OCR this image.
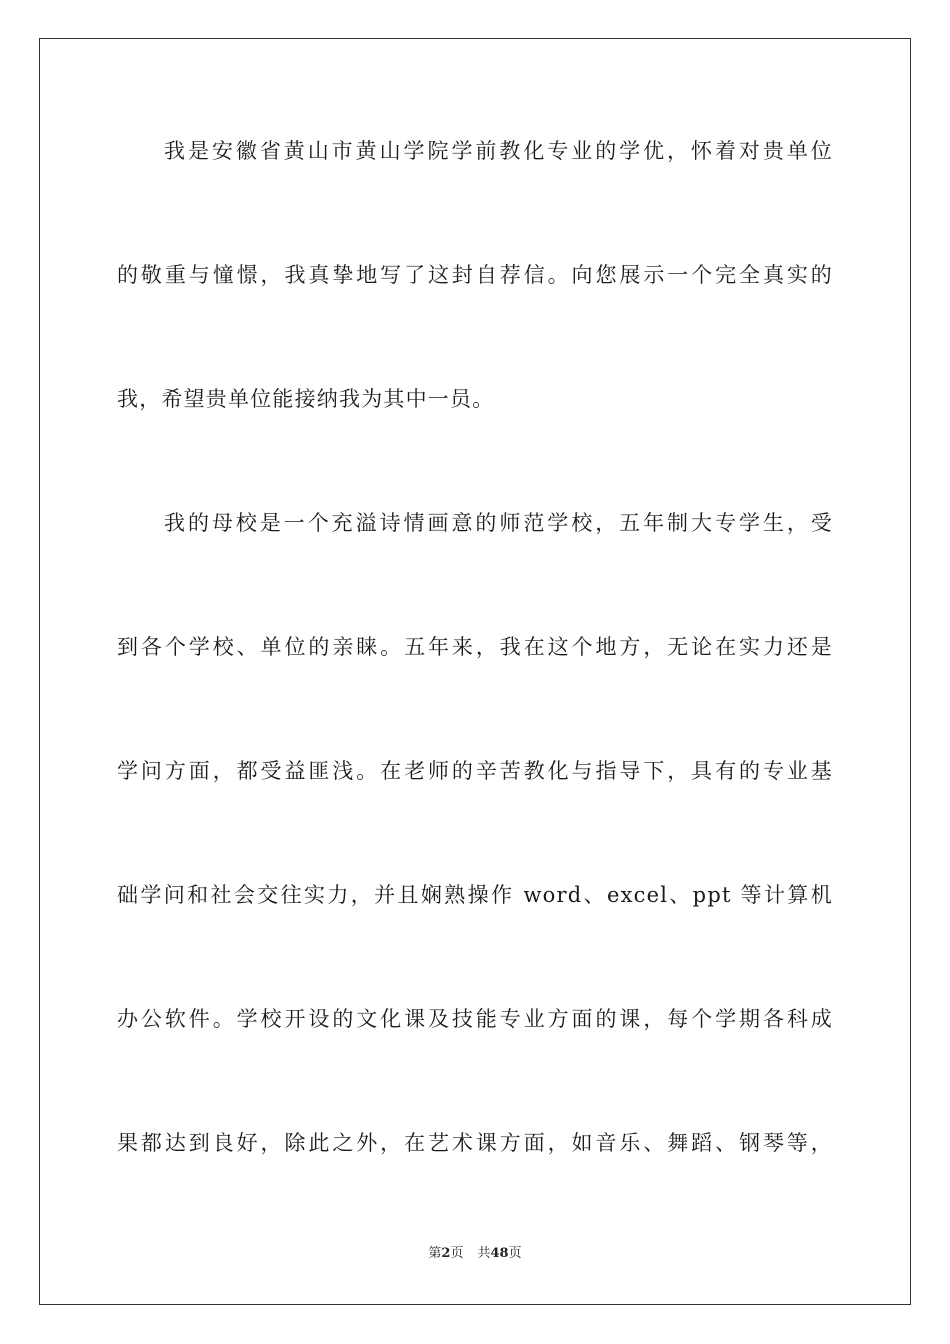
我是安徽省黄山市黄山学院学前教化专业的学优，怀着对贵单位
的敬重与憧憬，我真挚地写了这封自荐信。向您展示一个完全真实的
我，希望贵单位能接纳我为其中一员。
我的母校是一个充溢诗情画意的师范学校，五年制大专学生，受
到各个学校、单位的亲睐。五年来，我在这个地方，无论在实力还是
学问方面，都受益匪浅。在老师的辛苦教化与指导下，具有的专业基
础学问和社会交往实力，并且娴熟操作 word、excel、ppt 等计算机
办公软件。学校开设的文化课及技能专业方面的课，每个学期各科成
果都达到良好，除此之外，在艺术课方面，如音乐、舞蹈、钢琴等，
第2页 共48页
